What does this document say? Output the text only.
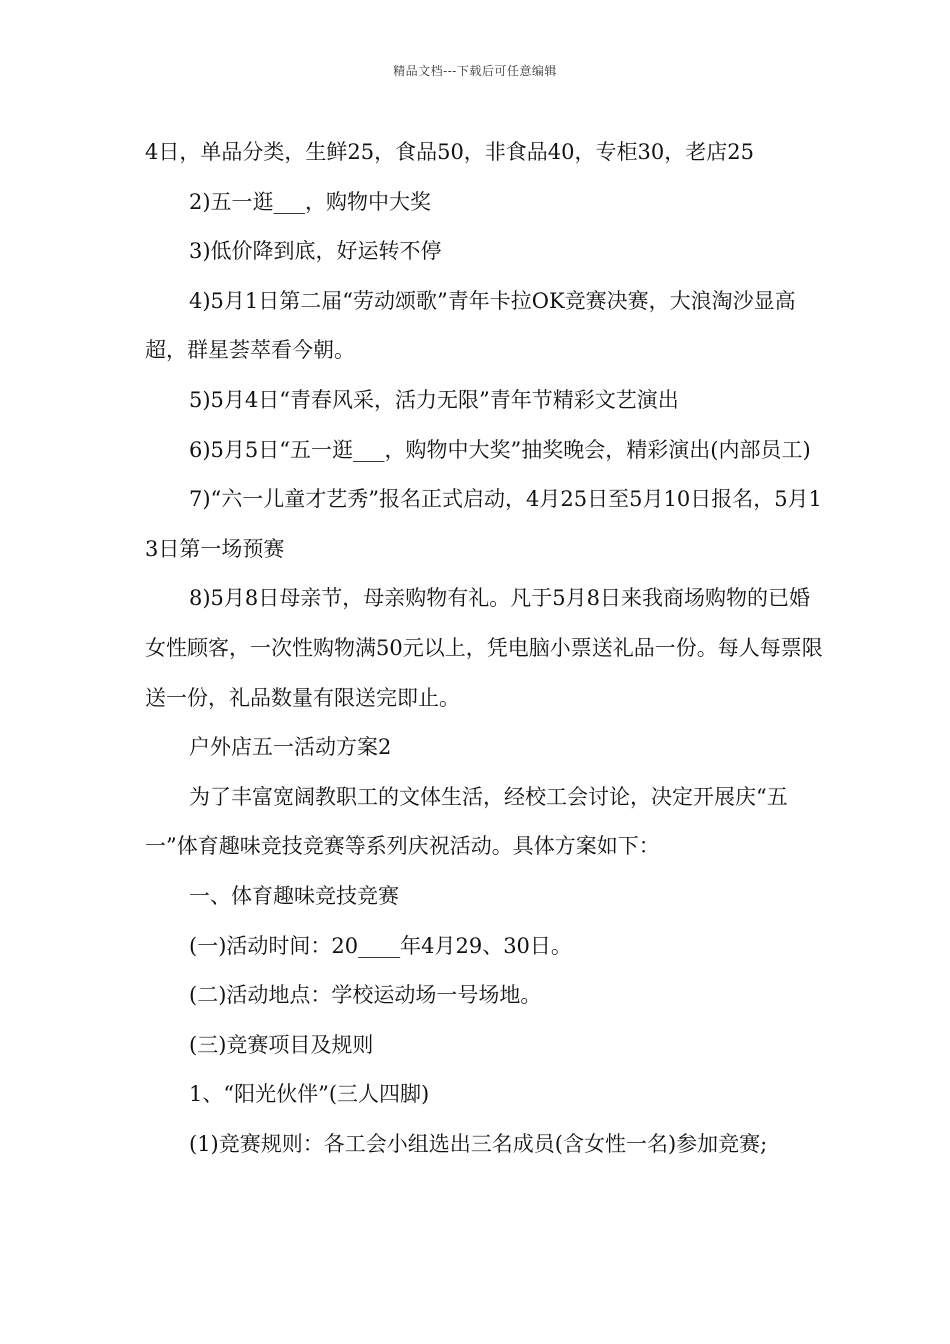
精品文档---下载后可任意编辑

4日，单品分类，生鲜25，食品50，非食品40，专柜30，老店25

2)五一逛___，购物中大奖

3)低价降到底，好运转不停

4)5月1日第二届“劳动颂歌”青年卡拉OK竞赛决赛，大浪淘沙显高超，群星荟萃看今朝。

5)5月4日“青春风采，活力无限”青年节精彩文艺演出

6)5月5日“五一逛___，购物中大奖”抽奖晚会，精彩演出(内部员工)

7)“六一儿童才艺秀”报名正式启动，4月25日至5月10日报名，5月13日第一场预赛

8)5月8日母亲节，母亲购物有礼。凡于5月8日来我商场购物的已婚女性顾客，一次性购物满50元以上，凭电脑小票送礼品一份。每人每票限送一份，礼品数量有限送完即止。

户外店五一活动方案2

为了丰富宽阔教职工的文体生活，经校工会讨论，决定开展庆“五一”体育趣味竞技竞赛等系列庆祝活动。具体方案如下：

一、体育趣味竞技竞赛

(一)活动时间：20____年4月29、30日。

(二)活动地点：学校运动场一号场地。

(三)竞赛项目及规则

1、“阳光伙伴”(三人四脚)

(1)竞赛规则：各工会小组选出三名成员(含女性一名)参加竞赛;
